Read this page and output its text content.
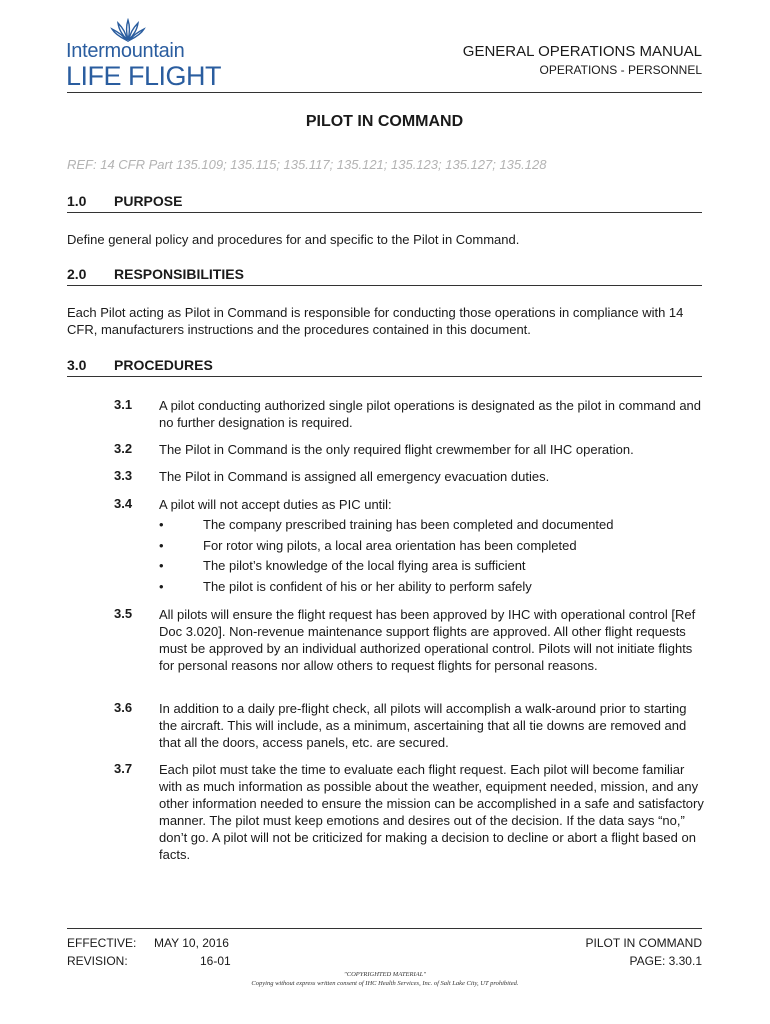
Intermountain
LIFE FLIGHT
GENERAL OPERATIONS MANUAL
OPERATIONS - PERSONNEL
PILOT IN COMMAND
REF: 14 CFR Part 135.109; 135.115; 135.117; 135.121; 135.123; 135.127; 135.128
1.0 PURPOSE
Define general policy and procedures for and specific to the Pilot in Command.
2.0 RESPONSIBILITIES
Each Pilot acting as Pilot in Command is responsible for conducting those operations in compliance with 14 CFR, manufacturers instructions and the procedures contained in this document.
3.0 PROCEDURES
3.1 A pilot conducting authorized single pilot operations is designated as the pilot in command and no further designation is required.
3.2 The Pilot in Command is the only required flight crewmember for all IHC operation.
3.3 The Pilot in Command is assigned all emergency evacuation duties.
3.4 A pilot will not accept duties as PIC until:
• The company prescribed training has been completed and documented
• For rotor wing pilots, a local area orientation has been completed
• The pilot’s knowledge of the local flying area is sufficient
• The pilot is confident of his or her ability to perform safely
3.5 All pilots will ensure the flight request has been approved by IHC with operational control [Ref Doc 3.020]. Non-revenue maintenance support flights are approved. All other flight requests must be approved by an individual authorized operational control. Pilots will not initiate flights for personal reasons nor allow others to request flights for personal reasons.
3.6 In addition to a daily pre-flight check, all pilots will accomplish a walk-around prior to starting the aircraft. This will include, as a minimum, ascertaining that all tie downs are removed and that all the doors, access panels, etc. are secured.
3.7 Each pilot must take the time to evaluate each flight request. Each pilot will become familiar with as much information as possible about the weather, equipment needed, mission, and any other information needed to ensure the mission can be accomplished in a safe and satisfactory manner. The pilot must keep emotions and desires out of the decision. If the data says “no,” don’t go. A pilot will not be criticized for making a decision to decline or abort a flight based on facts.
EFFECTIVE: MAY 10, 2016
REVISION:	16-01
PILOT IN COMMAND
PAGE: 3.30.1
"COPYRIGHTED MATERIAL"
Copying without express written consent of IHC Health Services, Inc. of Salt Lake City, UT prohibited.
